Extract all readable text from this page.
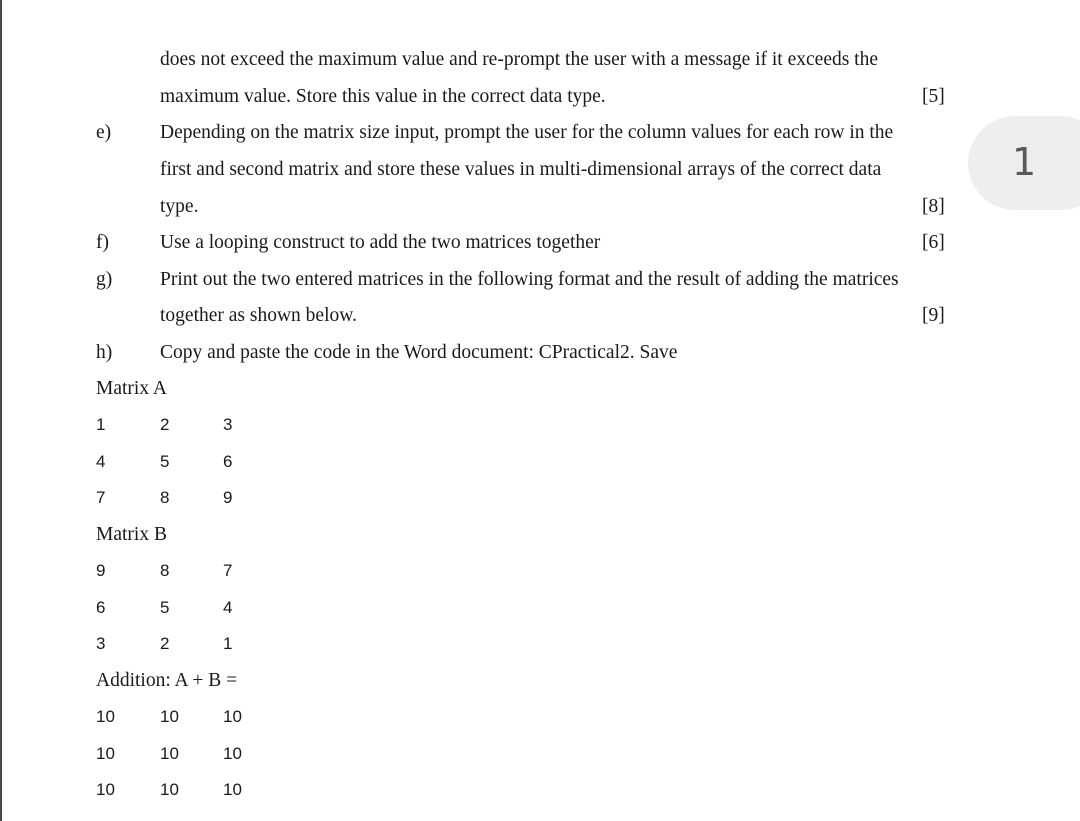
does not exceed the maximum value and re-prompt the user with a message if it exceeds the
maximum value. Store this value in the correct data type.	[5]
e)	Depending on the matrix size input, prompt the user for the column values for each row in the
first and second matrix and store these values in multi-dimensional arrays of the correct data
type.	[8]
f)	Use a looping construct to add the two matrices together	[6]
g) Print out the two entered matrices in the following format and the result of adding the matrices
together as shown below.	[9]
h) Copy and paste the code in the Word document: CPractical2. Save
Matrix A
1	2	3
4	5	6
7	8	9
Matrix B
9	8	7
6	5	4
3	2	1
Addition: A + B =
10	10	10
10	10	10
10	10	10
1
